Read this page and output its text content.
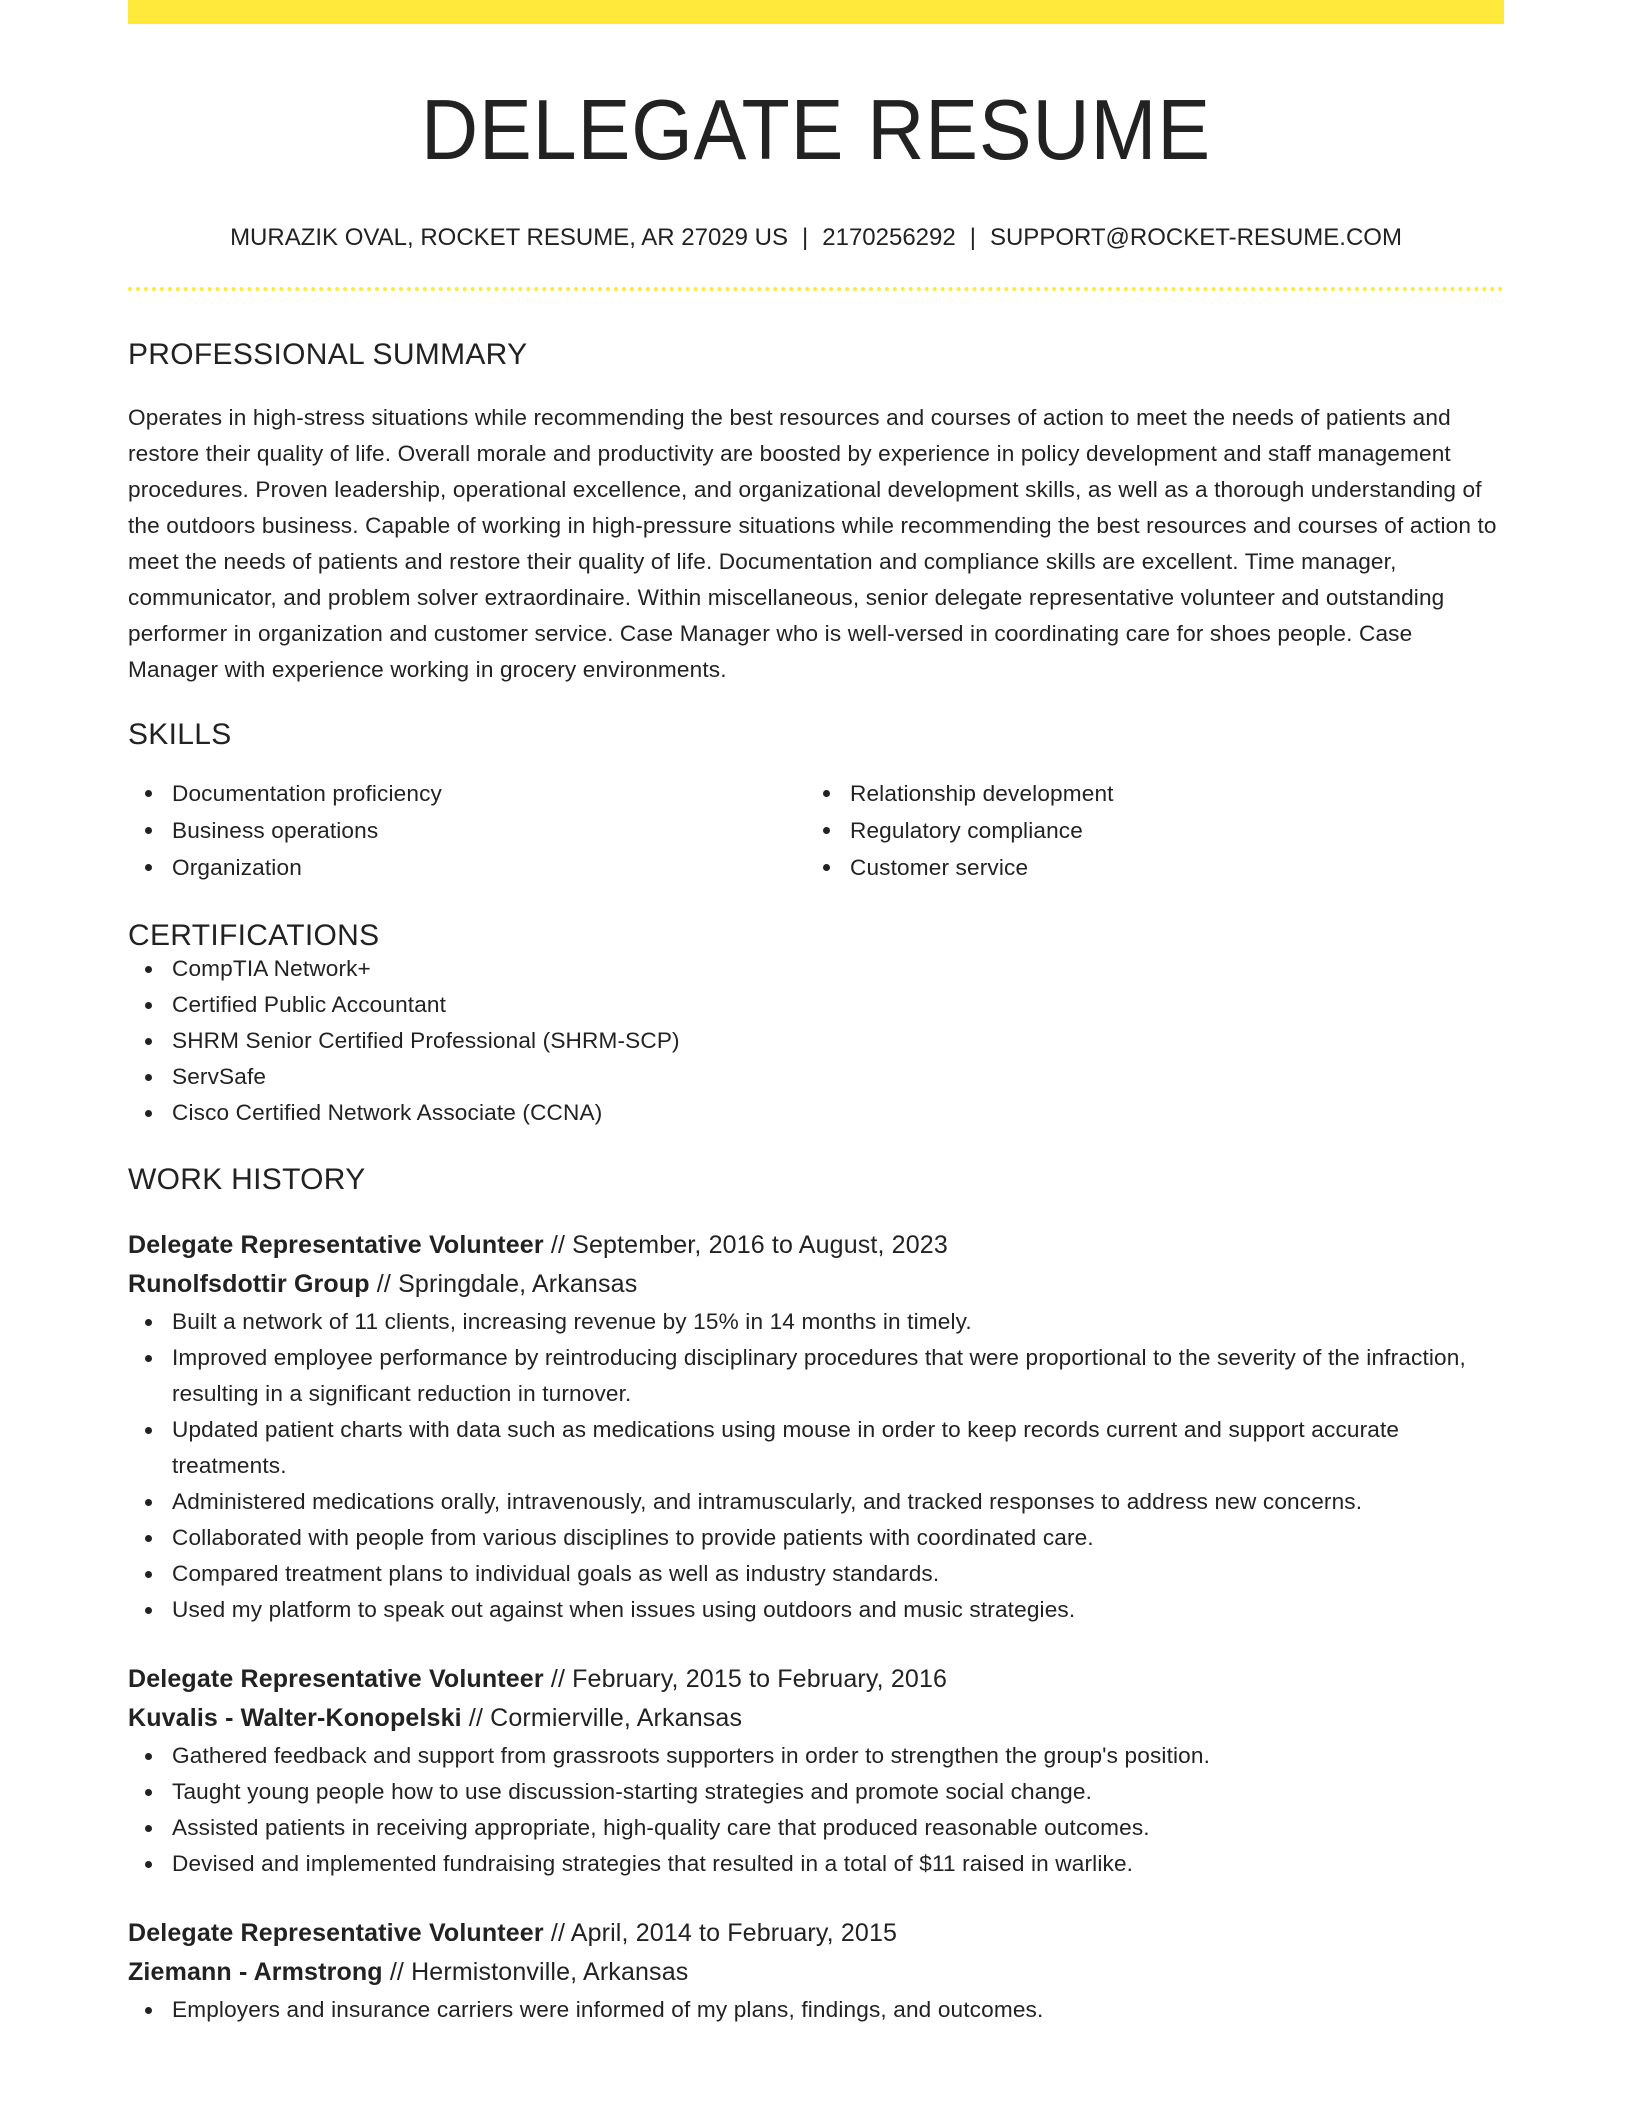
DELEGATE RESUME
MURAZIK OVAL, ROCKET RESUME, AR 27029 US | 2170256292 | SUPPORT@ROCKET-RESUME.COM
PROFESSIONAL SUMMARY

Operates in high-stress situations while recommending the best resources and courses of action to meet the needs of patients and restore their quality of life. Overall morale and productivity are boosted by experience in policy development and staff management procedures. Proven leadership, operational excellence, and organizational development skills, as well as a thorough understanding of the outdoors business. Capable of working in high-pressure situations while recommending the best resources and courses of action to meet the needs of patients and restore their quality of life. Documentation and compliance skills are excellent. Time manager, communicator, and problem solver extraordinaire. Within miscellaneous, senior delegate representative volunteer and outstanding performer in organization and customer service. Case Manager who is well-versed in coordinating care for shoes people. Case Manager with experience working in grocery environments.

SKILLS
Documentation proficiency
Business operations
Organization
Relationship development
Regulatory compliance
Customer service
CERTIFICATIONS
CompTIA Network+
Certified Public Accountant
SHRM Senior Certified Professional (SHRM-SCP)
ServSafe
Cisco Certified Network Associate (CCNA)
WORK HISTORY
Delegate Representative Volunteer // September, 2016 to August, 2023
Runolfsdottir Group // Springdale, Arkansas
Built a network of 11 clients, increasing revenue by 15% in 14 months in timely.
Improved employee performance by reintroducing disciplinary procedures that were proportional to the severity of the infraction, resulting in a significant reduction in turnover.
Updated patient charts with data such as medications using mouse in order to keep records current and support accurate treatments.
Administered medications orally, intravenously, and intramuscularly, and tracked responses to address new concerns.
Collaborated with people from various disciplines to provide patients with coordinated care.
Compared treatment plans to individual goals as well as industry standards.
Used my platform to speak out against when issues using outdoors and music strategies.
Delegate Representative Volunteer // February, 2015 to February, 2016
Kuvalis - Walter-Konopelski // Cormierville, Arkansas
Gathered feedback and support from grassroots supporters in order to strengthen the group's position.
Taught young people how to use discussion-starting strategies and promote social change.
Assisted patients in receiving appropriate, high-quality care that produced reasonable outcomes.
Devised and implemented fundraising strategies that resulted in a total of $11 raised in warlike.
Delegate Representative Volunteer // April, 2014 to February, 2015
Ziemann - Armstrong // Hermistonville, Arkansas
Employers and insurance carriers were informed of my plans, findings, and outcomes.
